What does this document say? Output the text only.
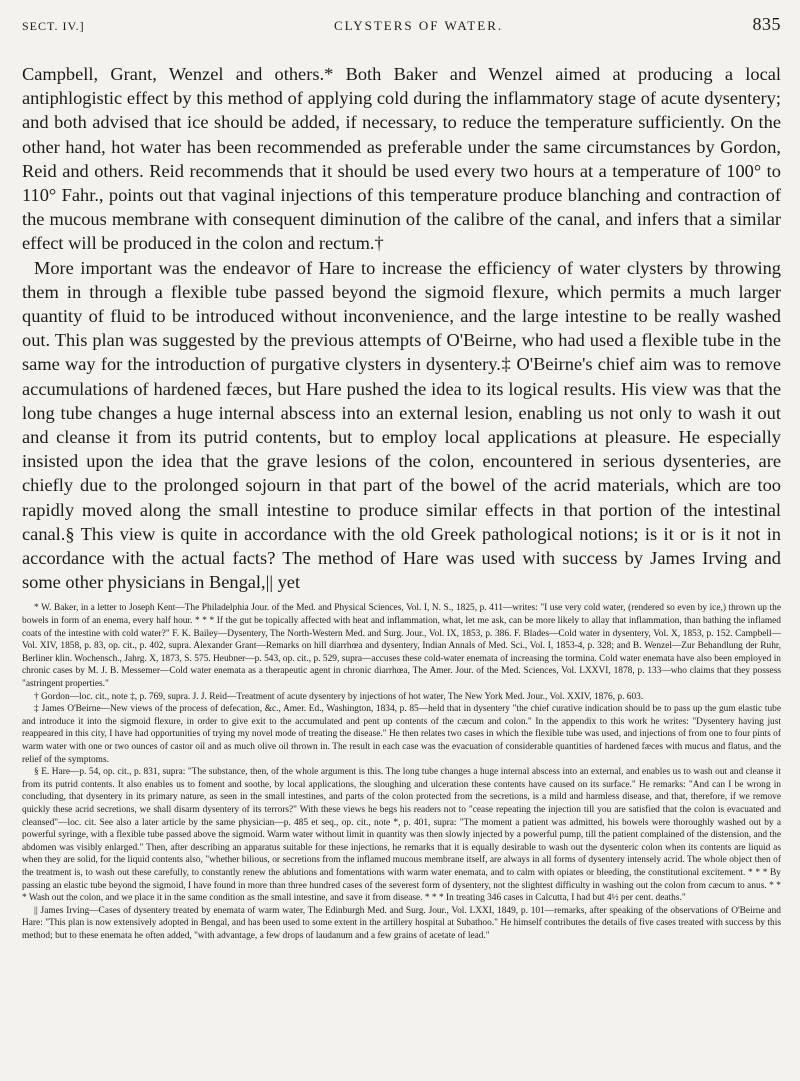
SECT. IV.]	CLYSTERS OF WATER.	835

Campbell, Grant, Wenzel and others.* Both Baker and Wenzel aimed at producing a local antiphlogistic effect by this method of applying cold during the inflammatory stage of acute dysentery; and both advised that ice should be added, if necessary, to reduce the temperature sufficiently. On the other hand, hot water has been recommended as preferable under the same circumstances by Gordon, Reid and others. Reid recommends that it should be used every two hours at a temperature of 100° to 110° Fahr., points out that vaginal injections of this temperature produce blanching and contraction of the mucous membrane with consequent diminution of the calibre of the canal, and infers that a similar effect will be produced in the colon and rectum.†

More important was the endeavor of Hare to increase the efficiency of water clysters by throwing them in through a flexible tube passed beyond the sigmoid flexure, which permits a much larger quantity of fluid to be introduced without inconvenience, and the large intestine to be really washed out. This plan was suggested by the previous attempts of O'Beirne, who had used a flexible tube in the same way for the introduction of purgative clysters in dysentery.‡ O'Beirne's chief aim was to remove accumulations of hardened fæces, but Hare pushed the idea to its logical results. His view was that the long tube changes a huge internal abscess into an external lesion, enabling us not only to wash it out and cleanse it from its putrid contents, but to employ local applications at pleasure. He especially insisted upon the idea that the grave lesions of the colon, encountered in serious dysenteries, are chiefly due to the prolonged sojourn in that part of the bowel of the acrid materials, which are too rapidly moved along the small intestine to produce similar effects in that portion of the intestinal canal.§ This view is quite in accordance with the old Greek pathological notions; is it or is it not in accordance with the actual facts? The method of Hare was used with success by James Irving and some other physicians in Bengal,|| yet

* W. Baker, in a letter to Joseph Kent—The Philadelphia Jour. of the Med. and Physical Sciences, Vol. I, N. S., 1825, p. 411—writes: "I use very cold water, (rendered so even by ice,) thrown up the bowels in form of an enema, every half hour. * * * If the gut be topically affected with heat and inflammation, what, let me ask, can be more likely to allay that inflammation, than bathing the inflamed coats of the intestine with cold water?" F. K. Bailey—Dysentery, The North-Western Med. and Surg. Jour., Vol. IX, 1853, p. 386. F. Blades—Cold water in dysentery, Vol. X, 1853, p. 152. Campbell—Vol. XIV, 1858, p. 83, op. cit., p. 402, supra. Alexander Grant—Remarks on hill diarrhœa and dysentery, Indian Annals of Med. Sci., Vol. I, 1853-4, p. 328; and B. Wenzel—Zur Behandlung der Ruhr, Berliner klin. Wochensch., Jahrg. X, 1873, S. 575. Heubner—p. 543, op. cit., p. 529, supra—accuses these cold-water enemata of increasing the tormina. Cold water enemata have also been employed in chronic cases by M. J. B. Messemer—Cold water enemata as a therapeutic agent in chronic diarrhœa, The Amer. Jour. of the Med. Sciences, Vol. LXXVI, 1878, p. 133—who claims that they possess "astringent properties."

† Gordon—loc. cit., note ‡, p. 769, supra. J. J. Reid—Treatment of acute dysentery by injections of hot water, The New York Med. Jour., Vol. XXIV, 1876, p. 603.

‡ James O'Beirne—New views of the process of defecation, &c., Amer. Ed., Washington, 1834, p. 85—held that in dysentery "the chief curative indication should be to pass up the gum elastic tube and introduce it into the sigmoid flexure, in order to give exit to the accumulated and pent up contents of the cæcum and colon." In the appendix to this work he writes: "Dysentery having just reappeared in this city, I have had opportunities of trying my novel mode of treating the disease." He then relates two cases in which the flexible tube was used, and injections of from one to four pints of warm water with one or two ounces of castor oil and as much olive oil thrown in. The result in each case was the evacuation of considerable quantities of hardened fæces with mucus and flatus, and the relief of the symptoms.

§ E. Hare—p. 54, op. cit., p. 831, supra: "The substance, then, of the whole argument is this. The long tube changes a huge internal abscess into an external, and enables us to wash out and cleanse it from its putrid contents. It also enables us to foment and soothe, by local applications, the sloughing and ulceration these contents have caused on its surface." He remarks: "And can I be wrong in concluding, that dysentery in its primary nature, as seen in the small intestines, and parts of the colon protected from the secretions, is a mild and harmless disease, and that, therefore, if we remove quickly these acrid secretions, we shall disarm dysentery of its terrors?" With these views he begs his readers not to "cease repeating the injection till you are satisfied that the colon is evacuated and cleansed"—loc. cit. See also a later article by the same physician—p. 485 et seq., op. cit., note *, p. 401, supra: "The moment a patient was admitted, his bowels were thoroughly washed out by a powerful syringe, with a flexible tube passed above the sigmoid. Warm water without limit in quantity was then slowly injected by a powerful pump, till the patient complained of the distension, and the abdomen was visibly enlarged." Then, after describing an apparatus suitable for these injections, he remarks that it is equally desirable to wash out the dysenteric colon when its contents are liquid as when they are solid, for the liquid contents also, "whether bilious, or secretions from the inflamed mucous membrane itself, are always in all forms of dysentery intensely acrid. The whole object then of the treatment is, to wash out these carefully, to constantly renew the ablutions and fomentations with warm water enemata, and to calm with opiates or bleeding, the constitutional excitement. * * * By passing an elastic tube beyond the sigmoid, I have found in more than three hundred cases of the severest form of dysentery, not the slightest difficulty in washing out the colon from cæcum to anus. * * * Wash out the colon, and we place it in the same condition as the small intestine, and save it from disease. * * * In treating 346 cases in Calcutta, I had but 4½ per cent. deaths."

|| James Irving—Cases of dysentery treated by enemata of warm water, The Edinburgh Med. and Surg. Jour., Vol. LXXI, 1849, p. 101—remarks, after speaking of the observations of O'Beirne and Hare: "This plan is now extensively adopted in Bengal, and has been used to some extent in the artillery hospital at Subathoo." He himself contributes the details of five cases treated with success by this method; but to these enemata he often added, "with advantage, a few drops of laudanum and a few grains of acetate of lead."
